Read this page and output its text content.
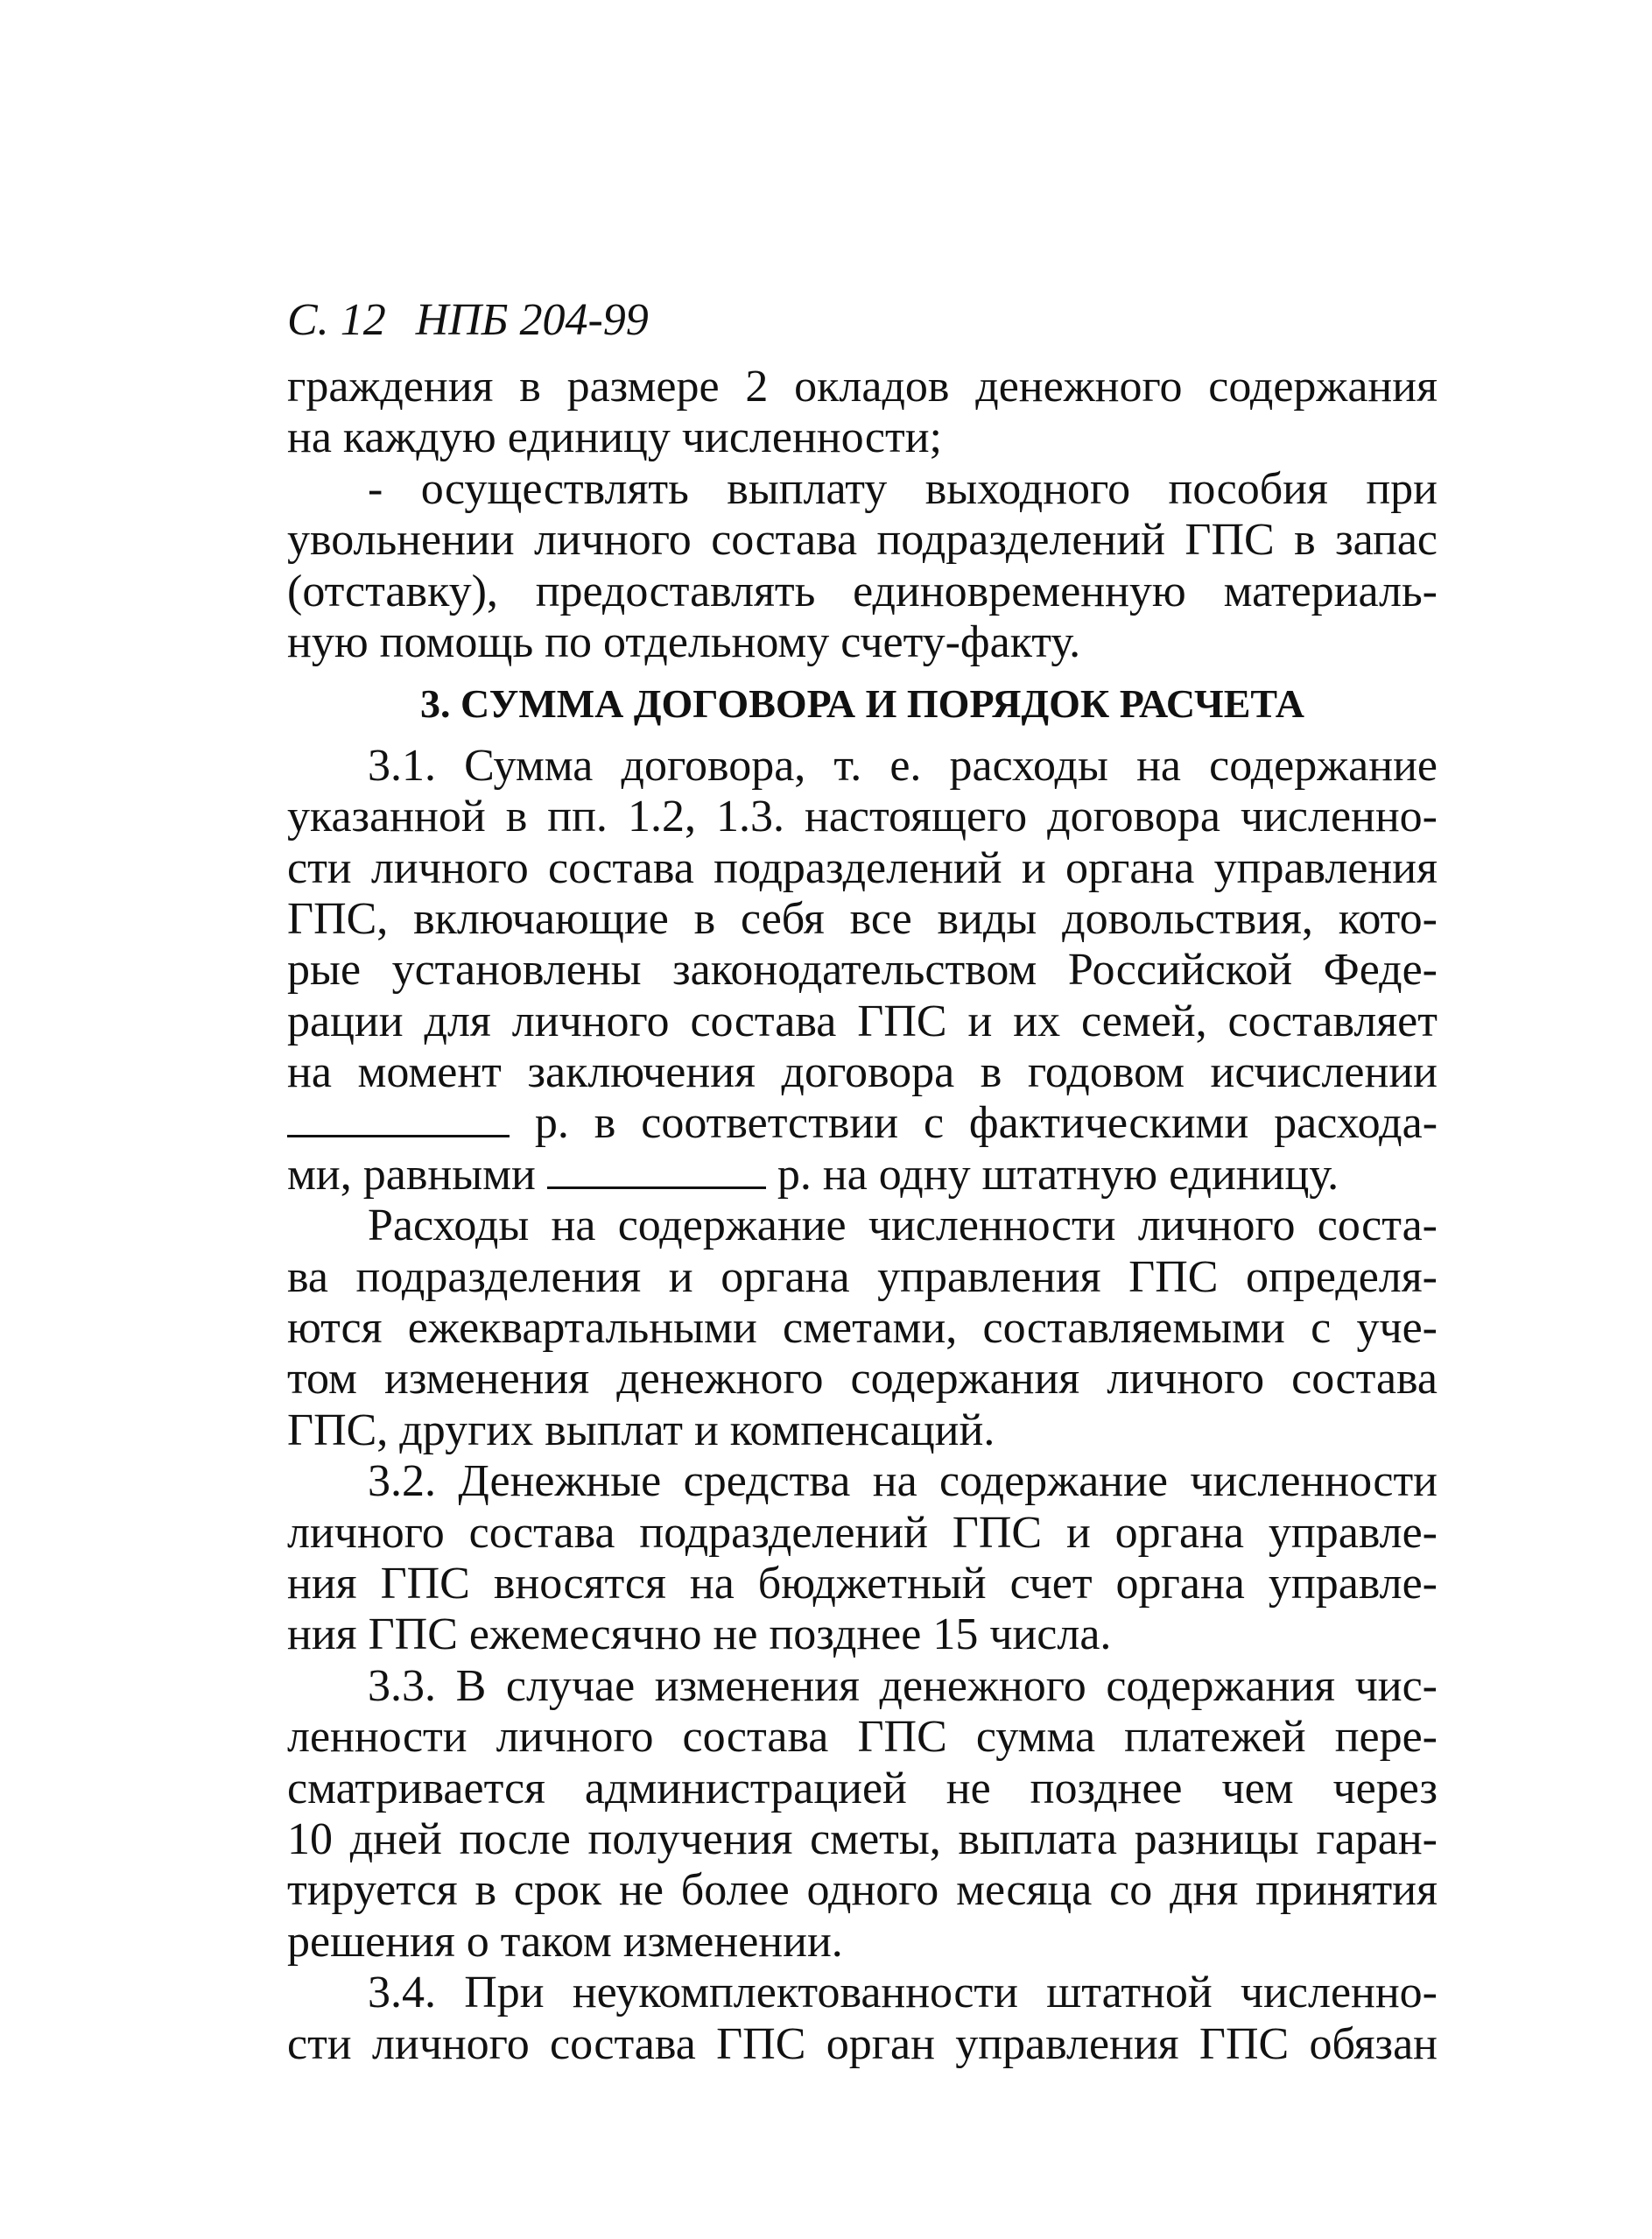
С. 12 НПБ 204-99
граждения в размере 2 окладов денежного содержания
на каждую единицу численности;
- осуществлять выплату выходного пособия при
увольнении личного состава подразделений ГПС в запас
(отставку), предоставлять единовременную материаль-
ную помощь по отдельному счету-факту.
3. СУММА ДОГОВОРА И ПОРЯДОК РАСЧЕТА
3.1. Сумма договора, т. е. расходы на содержание
указанной в пп. 1.2, 1.3. настоящего договора численно-
сти личного состава подразделений и органа управления
ГПС, включающие в себя все виды довольствия, кото-
рые установлены законодательством Российской Феде-
рации для личного состава ГПС и их семей, составляет
на момент заключения договора в годовом исчислении
р. в соответствии с фактическими расхода-
ми, равными	р. на одну штатную единицу.
Расходы на содержание численности личного соста-
ва подразделения и органа управления ГПС определя-
ются ежеквартальными сметами, составляемыми с уче-
том изменения денежного содержания личного состава
ГПС, других выплат и компенсаций.
3.2. Денежные средства на содержание численности
личного состава подразделений ГПС и органа управле-
ния ГПС вносятся на бюджетный счет органа управле-
ния ГПС ежемесячно не позднее 15 числа.
3.3. В случае изменения денежного содержания чис-
ленности личного состава ГПС сумма платежей пере-
сматривается администрацией не позднее чем через
10 дней после получения сметы, выплата разницы гаран-
тируется в срок не более одного месяца со дня принятия
решения о таком изменении.
3.4. При неукомплектованности штатной численно-
сти личного состава ГПС орган управления ГПС обязан
